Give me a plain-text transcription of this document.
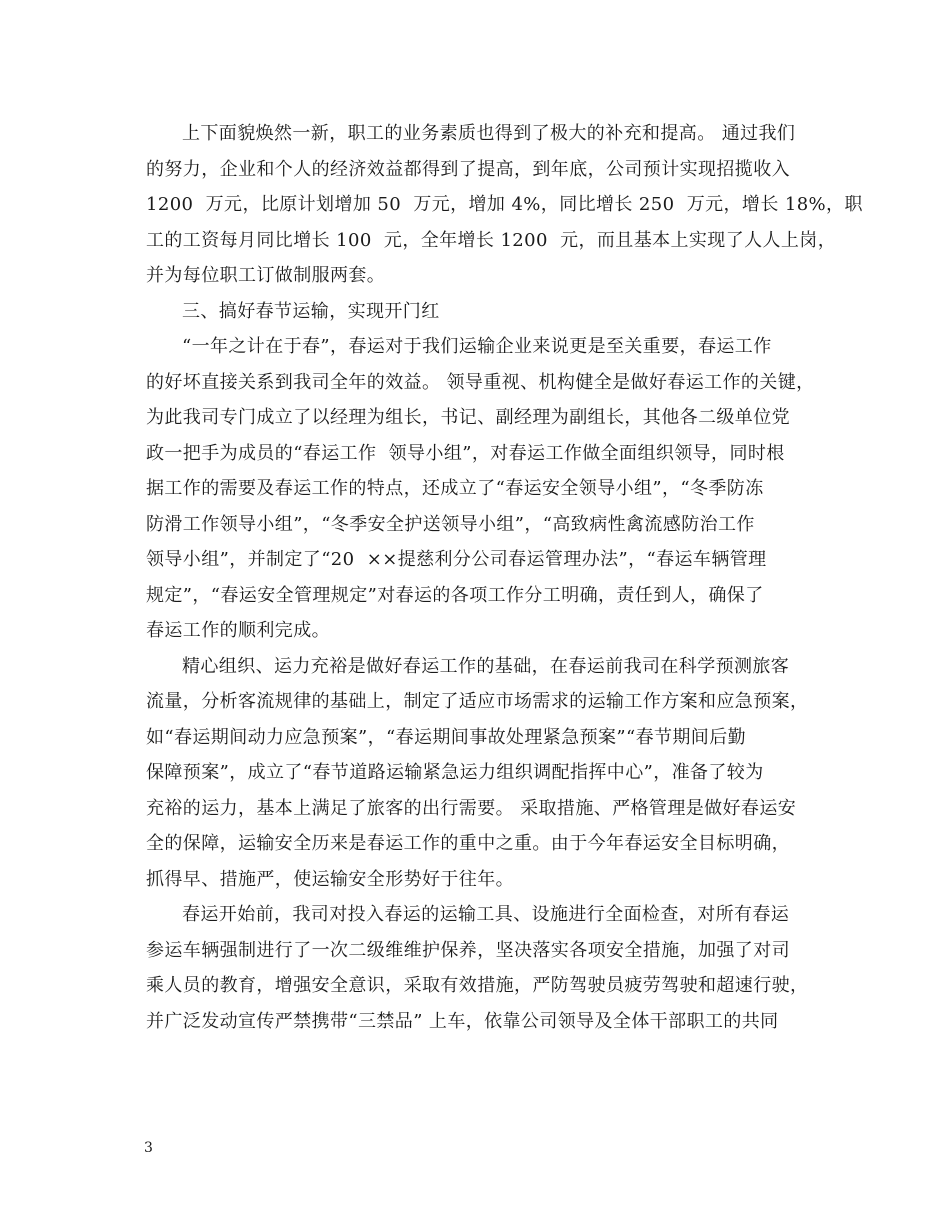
上下面貌焕然一新，职工的业务素质也得到了极大的补充和提高。 通过我们
的努力，企业和个人的经济效益都得到了提高，到年底，公司预计实现招揽收入
1200  万元，比原计划增加 50  万元，增加 4%，同比增长 250  万元，增长 18%，职
工的工资每月同比增长 100  元，全年增长 1200  元，而且基本上实现了人人上岗，
并为每位职工订做制服两套。
三、搞好春节运输，实现开门红
“一年之计在于春”，春运对于我们运输企业来说更是至关重要，春运工作
的好坏直接关系到我司全年的效益。 领导重视、机构健全是做好春运工作的关键，
为此我司专门成立了以经理为组长，书记、副经理为副组长，其他各二级单位党
政一把手为成员的“春运工作  领导小组”，对春运工作做全面组织领导，同时根
据工作的需要及春运工作的特点，还成立了“春运安全领导小组”，“冬季防冻
防滑工作领导小组”，“冬季安全护送领导小组”，“高致病性禽流感防治工作
领导小组”，并制定了“20  ××提慈利分公司春运管理办法”，“春运车辆管理
规定”，“春运安全管理规定”对春运的各项工作分工明确，责任到人，确保了
春运工作的顺利完成。
精心组织、运力充裕是做好春运工作的基础，在春运前我司在科学预测旅客
流量，分析客流规律的基础上，制定了适应市场需求的运输工作方案和应急预案，
如“春运期间动力应急预案”，“春运期间事故处理紧急预案”“春节期间后勤
保障预案”，成立了“春节道路运输紧急运力组织调配指挥中心”，准备了较为
充裕的运力，基本上满足了旅客的出行需要。 采取措施、严格管理是做好春运安
全的保障，运输安全历来是春运工作的重中之重。由于今年春运安全目标明确，
抓得早、措施严，使运输安全形势好于往年。
春运开始前，我司对投入春运的运输工具、设施进行全面检查，对所有春运
参运车辆强制进行了一次二级维维护保养，坚决落实各项安全措施，加强了对司
乘人员的教育，增强安全意识，采取有效措施，严防驾驶员疲劳驾驶和超速行驶，
并广泛发动宣传严禁携带“三禁品” 上车，依靠公司领导及全体干部职工的共同
3
